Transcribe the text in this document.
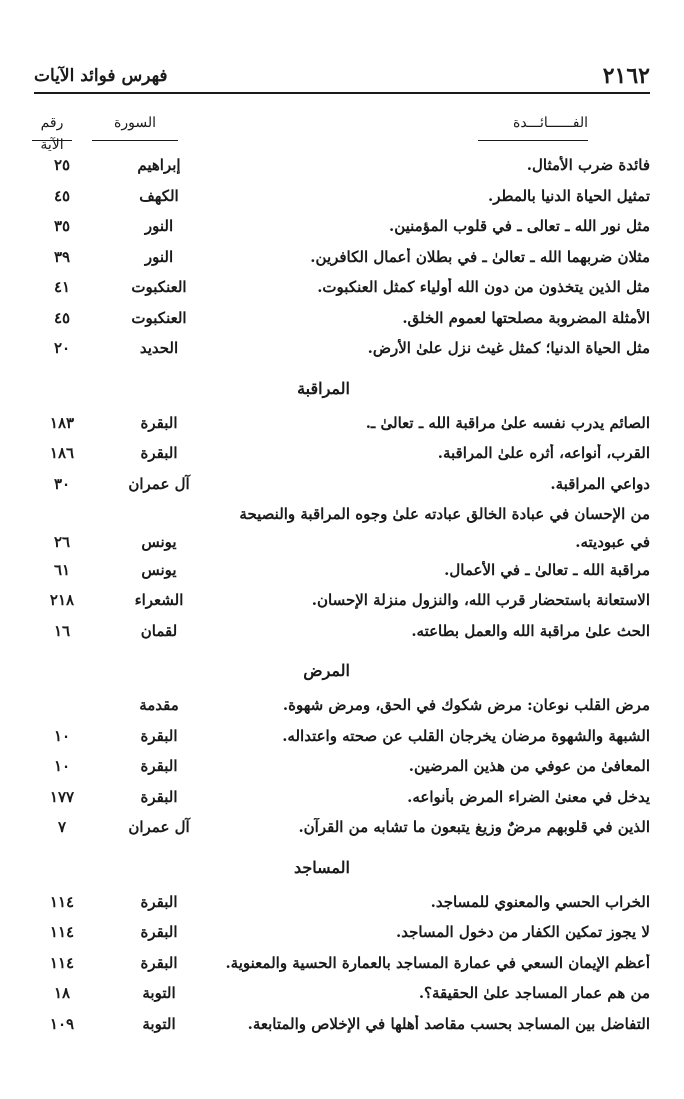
٢١٦٢
فهرس فوائد الآيات
الفــــــائـــدة
السورة
رقم الآية
فائدة ضرب الأمثال.
إبراهيم
٢٥
تمثيل الحياة الدنيا بالمطر.
الكهف
٤٥
مثل نور الله ـ تعالى ـ في قلوب المؤمنين.
النور
٣٥
مثلان ضربهما الله ـ تعالىٰ ـ في بطلان أعمال الكافرين.
النور
٣٩
مثل الذين يتخذون من دون الله أولياء كمثل العنكبوت.
العنكبوت
٤١
الأمثلة المضروبة مصلحتها لعموم الخلق.
العنكبوت
٤٥
مثل الحياة الدنيا؛ كمثل غيث نزل علىٰ الأرض.
الحديد
٢٠
المراقبة
الصائم يدرب نفسه علىٰ مراقبة الله ـ تعالىٰ ـ.
البقرة
١٨٣
القرب، أنواعه، أثره علىٰ المراقبة.
البقرة
١٨٦
دواعي المراقبة.
آل عمران
٣٠
من الإحسان في عبادة الخالق عبادته علىٰ وجوه المراقبة والنصيحة
في عبوديته.
يونس
٢٦
مراقبة الله ـ تعالىٰ ـ في الأعمال.
يونس
٦١
الاستعانة باستحضار قرب الله، والنزول منزلة الإحسان.
الشعراء
٢١٨
الحث علىٰ مراقبة الله والعمل بطاعته.
لقمان
١٦
المرض
مرض القلب نوعان: مرض شكوك في الحق، ومرض شهوة.
مقدمة
الشبهة والشهوة مرضان يخرجان القلب عن صحته واعتداله.
البقرة
١٠
المعافىٰ من عوفي من هذين المرضين.
البقرة
١٠
يدخل في معنىٰ الضراء المرض بأنواعه.
البقرة
١٧٧
الذين في قلوبهم مرضٌ وزيغ يتبعون ما تشابه من القرآن.
آل عمران
٧
المساجد
الخراب الحسي والمعنوي للمساجد.
البقرة
١١٤
لا يجوز تمكين الكفار من دخول المساجد.
البقرة
١١٤
أعظم الإيمان السعي في عمارة المساجد بالعمارة الحسية والمعنوية.
البقرة
١١٤
من هم عمار المساجد علىٰ الحقيقة؟.
التوبة
١٨
التفاضل بين المساجد بحسب مقاصد أهلها في الإخلاص والمتابعة.
التوبة
١٠٩
